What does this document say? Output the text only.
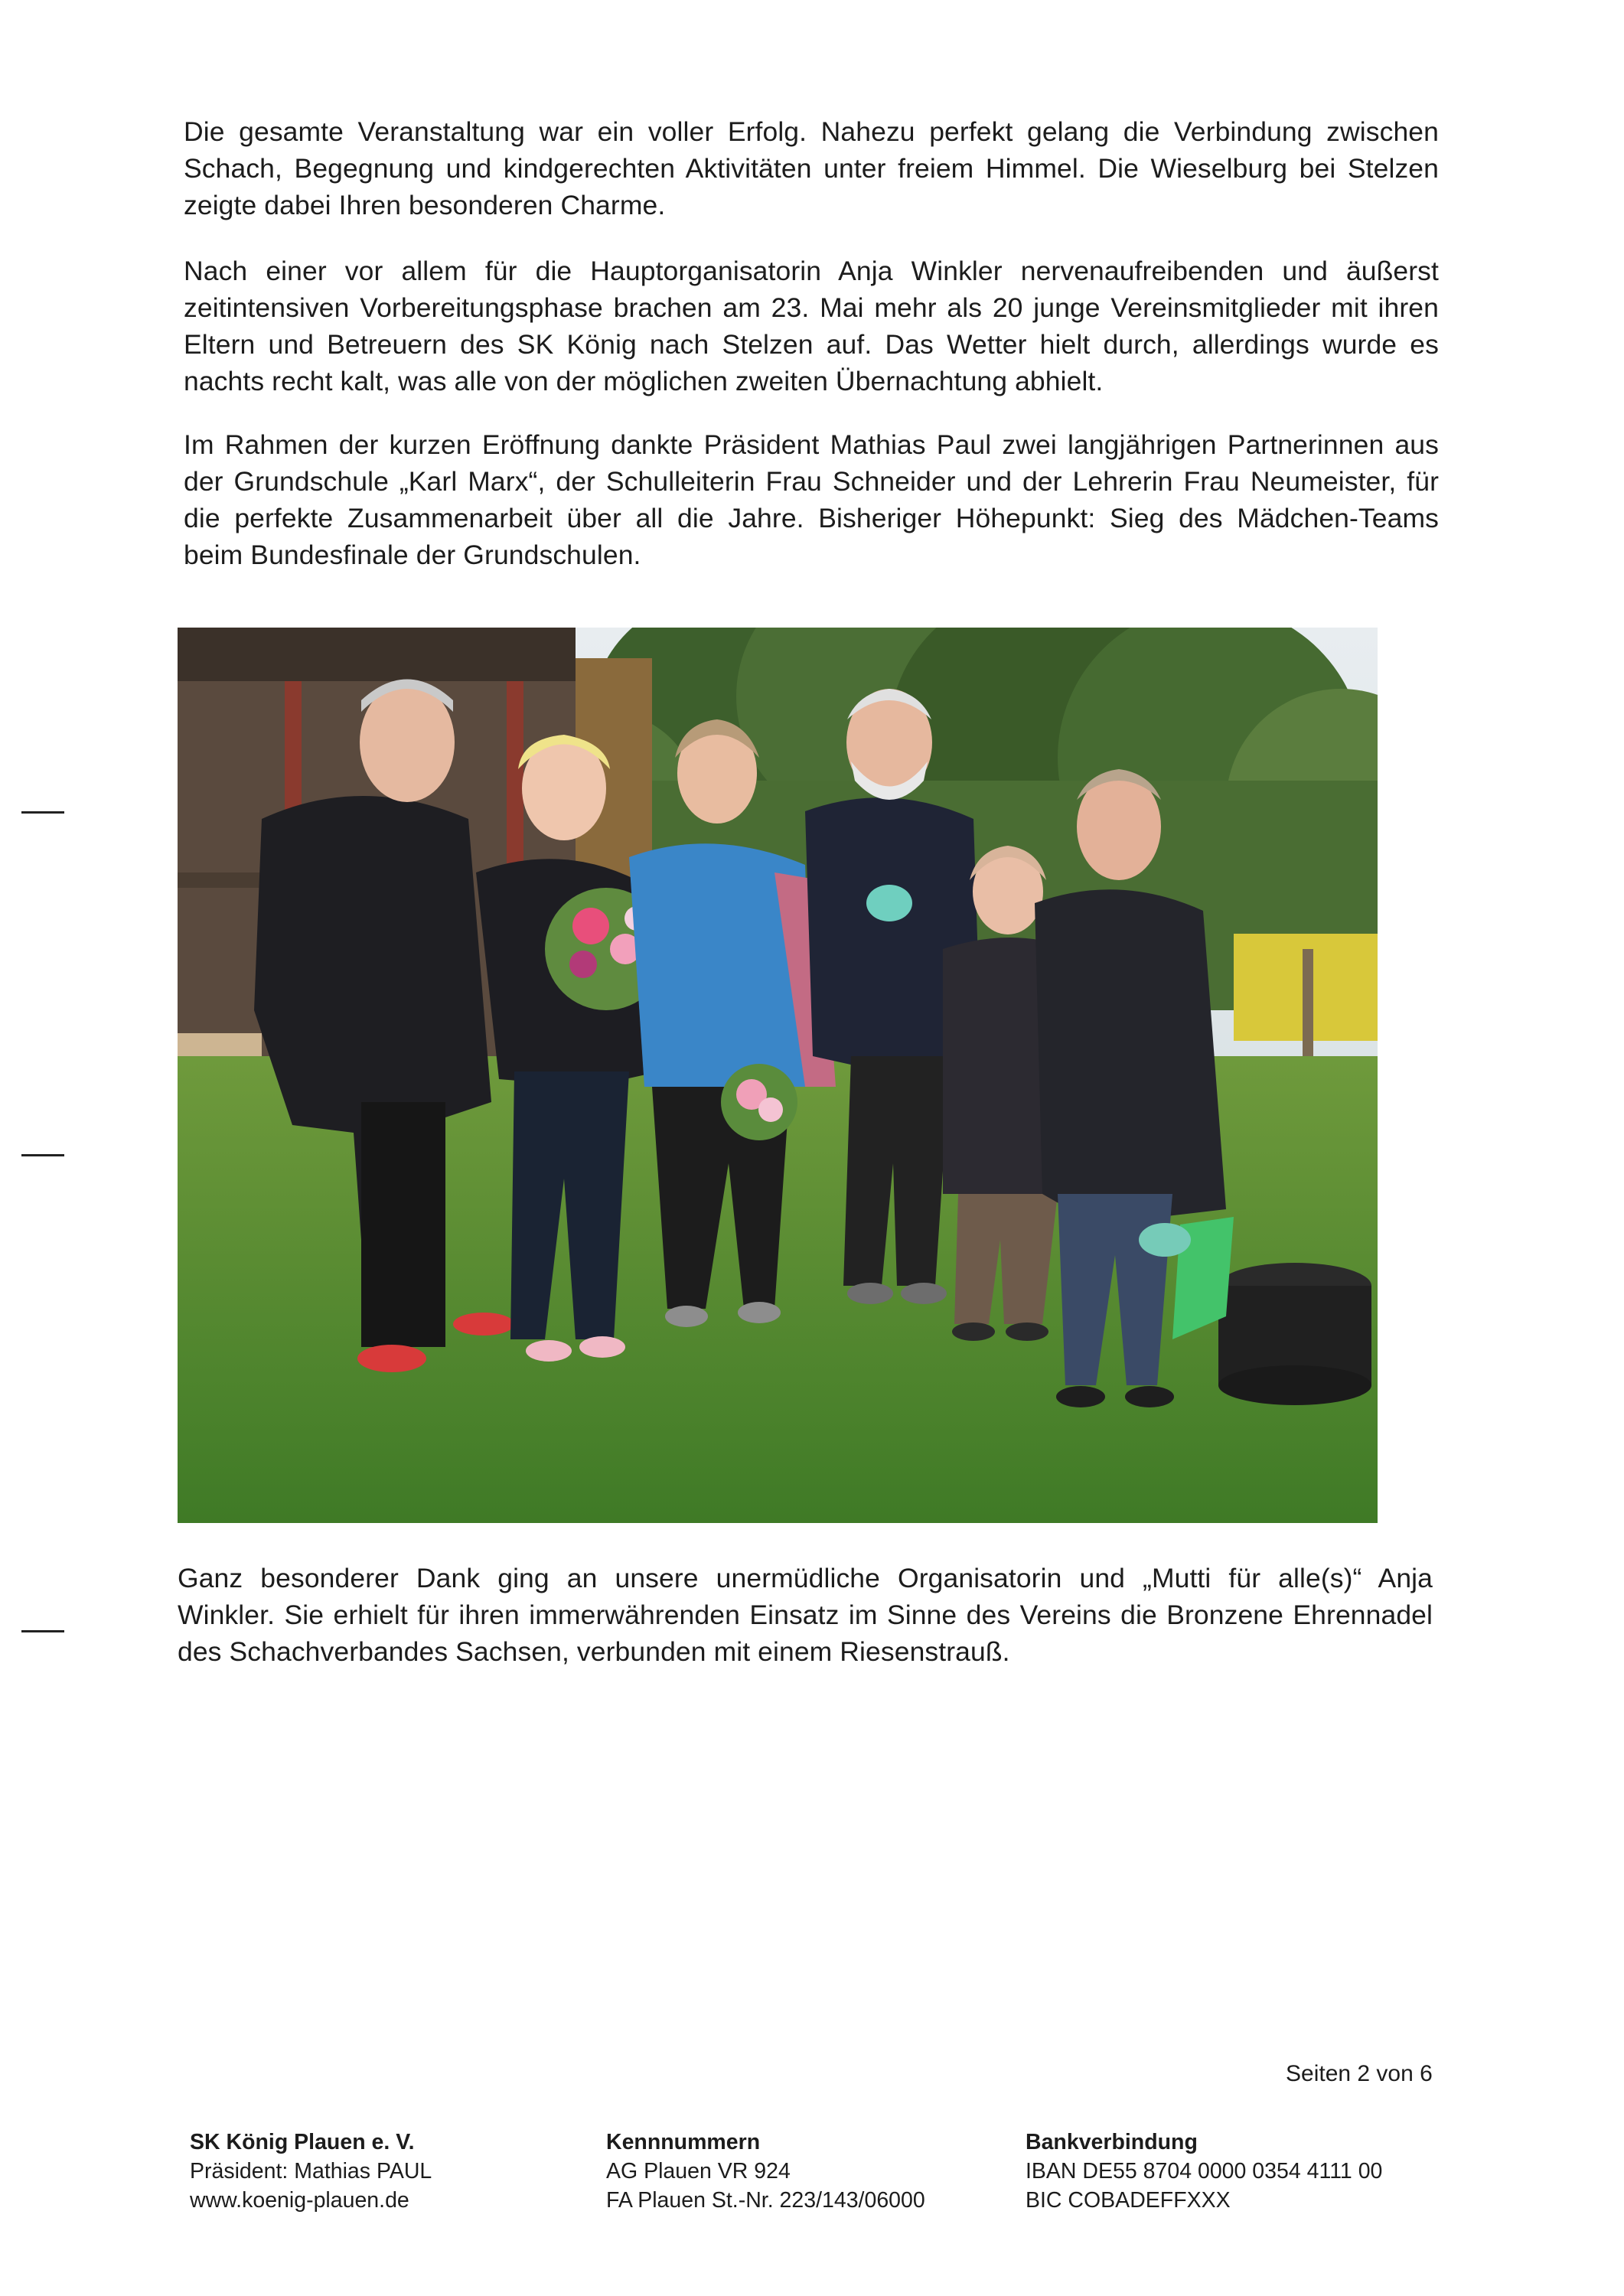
Die gesamte Veranstaltung war ein voller Erfolg. Nahezu perfekt gelang die Verbindung zwischen
Schach, Begegnung und kindgerechten Aktivitäten unter freiem Himmel. Die Wieselburg bei Stelzen
zeigte dabei Ihren besonderen Charme.
Nach einer vor allem für die Hauptorganisatorin Anja Winkler nervenaufreibenden und äußerst
zeitintensiven Vorbereitungsphase brachen am 23. Mai mehr als 20 junge Vereinsmitglieder mit ihren
Eltern und Betreuern des SK König nach Stelzen auf. Das Wetter hielt durch, allerdings wurde es
nachts recht kalt, was alle von der möglichen zweiten Übernachtung abhielt.
Im Rahmen der kurzen Eröffnung dankte Präsident Mathias Paul zwei langjährigen Partnerinnen aus
der Grundschule „Karl Marx“, der Schulleiterin Frau Schneider und der Lehrerin Frau Neumeister, für
die perfekte Zusammenarbeit über all die Jahre. Bisheriger Höhepunkt: Sieg des Mädchen-Teams
beim Bundesfinale der Grundschulen.
Ganz besonderer Dank ging an unsere unermüdliche Organisatorin und „Mutti für alle(s)“ Anja
Winkler. Sie erhielt für ihren immerwährenden Einsatz im Sinne des Vereins die Bronzene Ehrennadel
des Schachverbandes Sachsen, verbunden mit einem Riesenstrauß.
Seiten 2 von 6
SK König Plauen e. V.
Präsident: Mathias PAUL
www.koenig-plauen.de
Kennnummern
AG Plauen VR 924
FA Plauen St.-Nr. 223/143/06000
Bankverbindung
IBAN DE55 8704 0000 0354 4111 00
BIC COBADEFFXXX
